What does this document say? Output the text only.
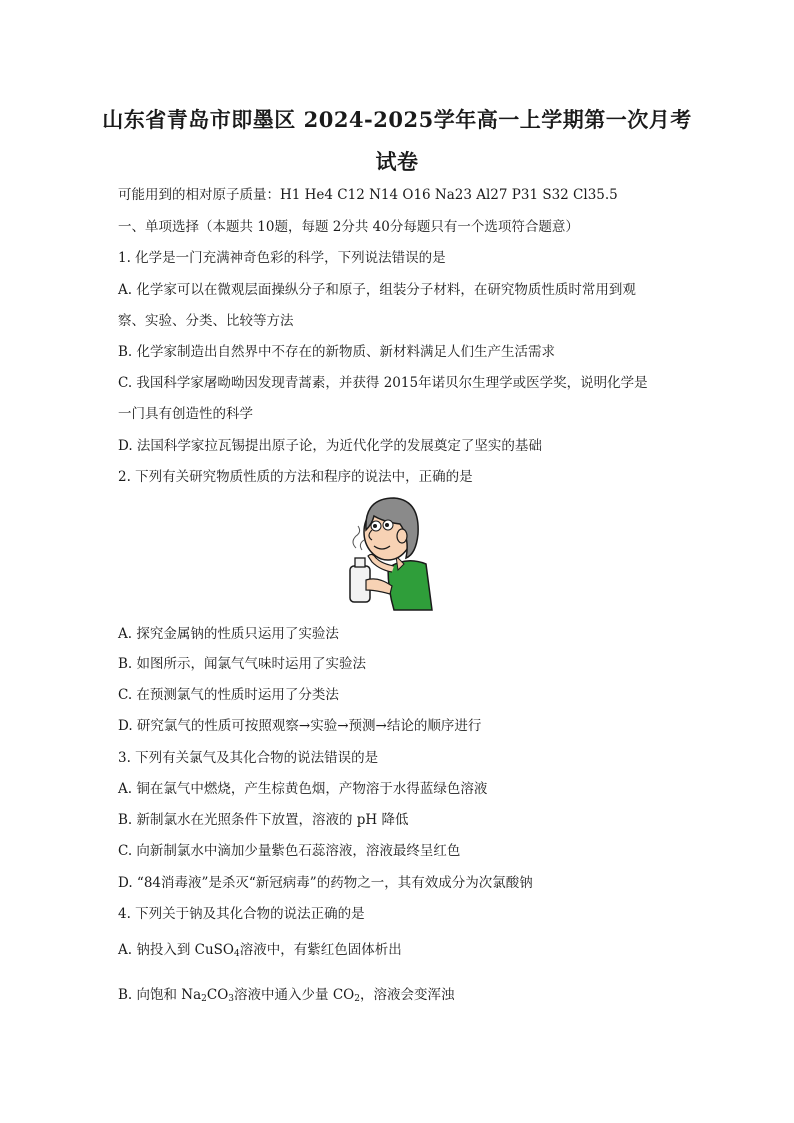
山东省青岛市即墨区 2024-2025学年高一上学期第一次月考
试卷
可能用到的相对原子质量：H1 He4 C12 N14 O16 Na23 Al27 P31 S32 Cl35.5
一、单项选择（本题共 10题，每题 2分共 40分每题只有一个选项符合题意）
1. 化学是一门充满神奇色彩的科学，下列说法错误的是
A. 化学家可以在微观层面操纵分子和原子，组装分子材料，在研究物质性质时常用到观
察、实验、分类、比较等方法
B. 化学家制造出自然界中不存在的新物质、新材料满足人们生产生活需求
C. 我国科学家屠呦呦因发现青蒿素，并获得 2015年诺贝尔生理学或医学奖，说明化学是
一门具有创造性的科学
D. 法国科学家拉瓦锡提出原子论，为近代化学的发展奠定了坚实的基础
2. 下列有关研究物质性质的方法和程序的说法中，正确的是
A. 探究金属钠的性质只运用了实验法
B. 如图所示，闻氯气气味时运用了实验法
C. 在预测氯气的性质时运用了分类法
D. 研究氯气的性质可按照观察→实验→预测→结论的顺序进行
3. 下列有关氯气及其化合物的说法错误的是
A. 铜在氯气中燃烧，产生棕黄色烟，产物溶于水得蓝绿色溶液
B. 新制氯水在光照条件下放置，溶液的 pH 降低
C. 向新制氯水中滴加少量紫色石蕊溶液，溶液最终呈红色
D. “84消毒液”是杀灭“新冠病毒”的药物之一，其有效成分为次氯酸钠
4. 下列关于钠及其化合物的说法正确的是
A. 钠投入到 CuSO$_4$溶液中，有紫红色固体析出
B. 向饱和 $Na_2CO_3$溶液中通入少量 $CO_2$，溶液会变浑浊
